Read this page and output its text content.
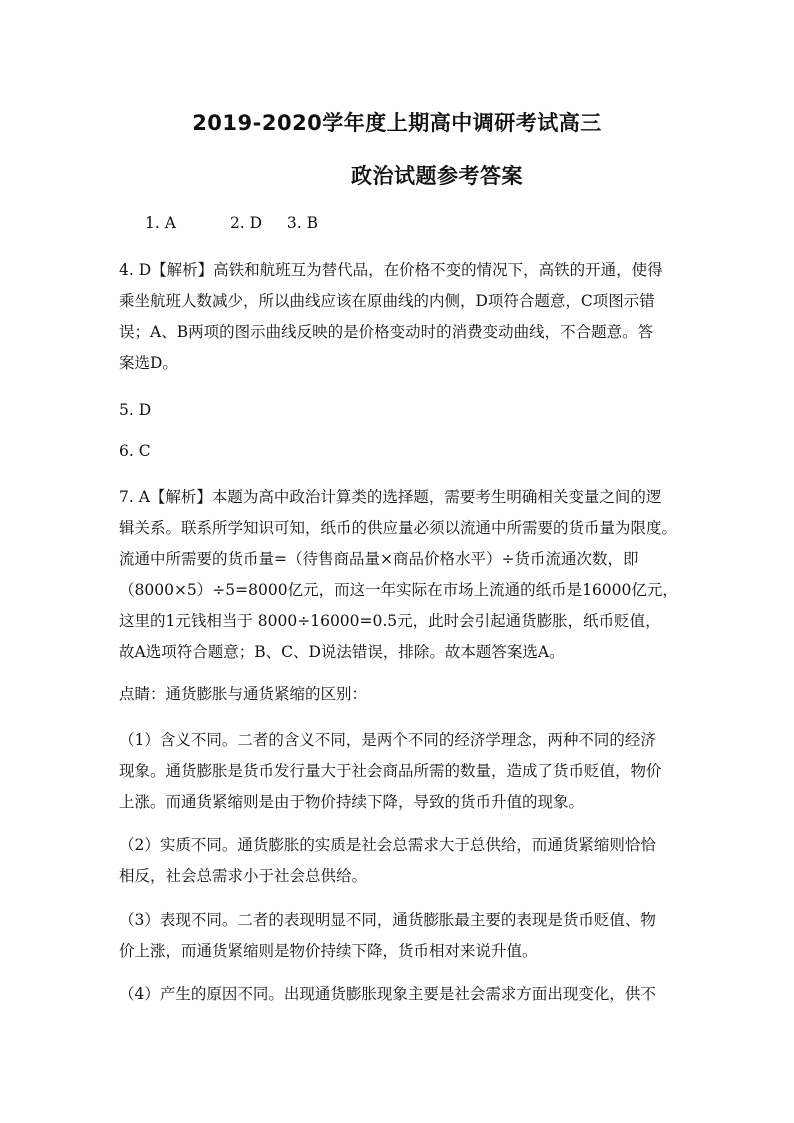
2019-2020学年度上期高中调研考试高三
政治试题参考答案
1. A	2. D 3. B
4. D【解析】高铁和航班互为替代品，在价格不变的情况下，高铁的开通，使得
乘坐航班人数减少，所以曲线应该在原曲线的内侧，D项符合题意，C项图示错
误；A、B两项的图示曲线反映的是价格变动时的消费变动曲线，不合题意。答
案选D。
5. D
6. C
7. A【解析】本题为高中政治计算类的选择题，需要考生明确相关变量之间的逻
辑关系。联系所学知识可知，纸币的供应量必须以流通中所需要的货币量为限度。
流通中所需要的货币量=（待售商品量×商品价格水平）÷货币流通次数，即
（8000×5）÷5=8000亿元，而这一年实际在市场上流通的纸币是16000亿元，
这里的1元钱相当于 8000÷16000=0.5元，此时会引起通货膨胀，纸币贬值，
故A选项符合题意；B、C、D说法错误，排除。故本题答案选A。
点睛：通货膨胀与通货紧缩的区别：
（1）含义不同。二者的含义不同，是两个不同的经济学理念，两种不同的经济
现象。通货膨胀是货币发行量大于社会商品所需的数量，造成了货币贬值，物价
上涨。而通货紧缩则是由于物价持续下降，导致的货币升值的现象。
（2）实质不同。通货膨胀的实质是社会总需求大于总供给，而通货紧缩则恰恰
相反，社会总需求小于社会总供给。
（3）表现不同。二者的表现明显不同，通货膨胀最主要的表现是货币贬值、物
价上涨，而通货紧缩则是物价持续下降，货币相对来说升值。
（4）产生的原因不同。出现通货膨胀现象主要是社会需求方面出现变化，供不
